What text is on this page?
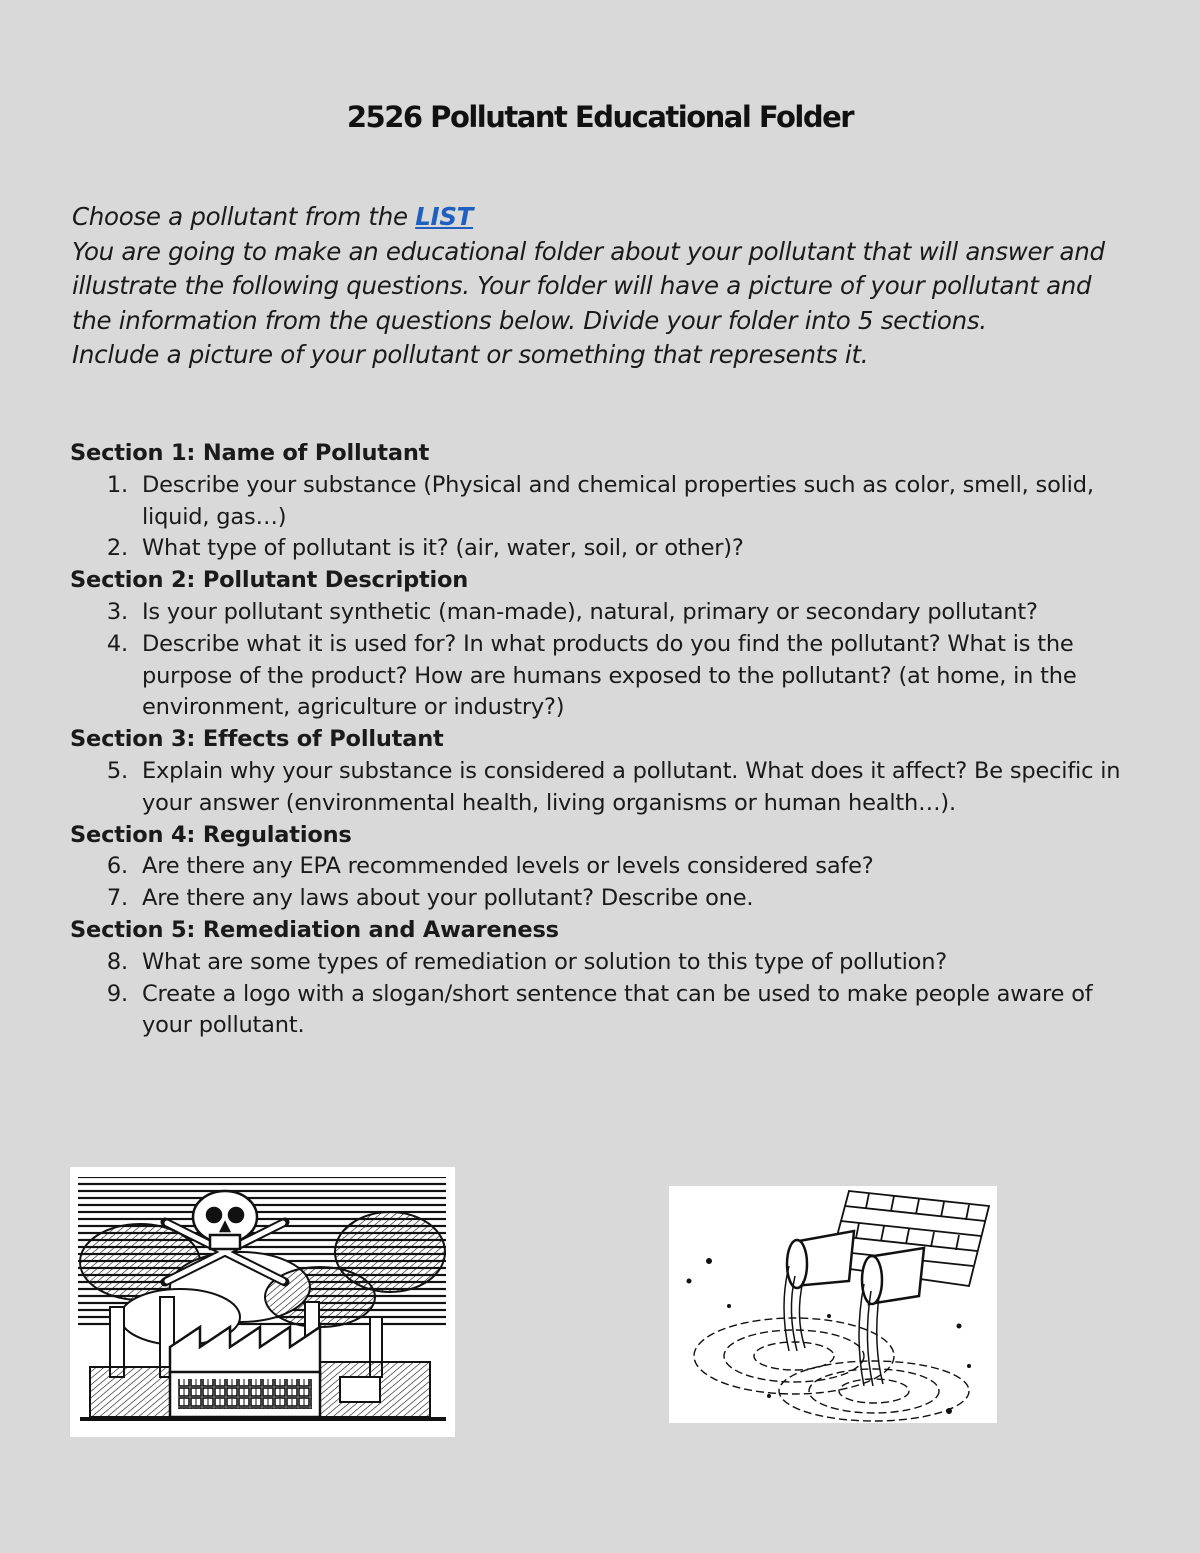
2526 Pollutant Educational Folder

Choose a pollutant from the LIST

You are going to make an educational folder about your pollutant that will answer and illustrate the following questions. Your folder will have a picture of your pollutant and the information from the questions below. Divide your folder into 5 sections.

Include a picture of your pollutant or something that represents it.

Section 1: Name of Pollutant

1. Describe your substance (Physical and chemical properties such as color, smell, solid, liquid, gas…)
2. What type of pollutant is it? (air, water, soil, or other)?

Section 2: Pollutant Description

3. Is your pollutant synthetic (man-made), natural, primary or secondary pollutant?
4. Describe what it is used for? In what products do you find the pollutant? What is the purpose of the product? How are humans exposed to the pollutant? (at home, in the environment, agriculture or industry?)

Section 3: Effects of Pollutant

5. Explain why your substance is considered a pollutant. What does it affect? Be specific in your answer (environmental health, living organisms or human health…).

Section 4: Regulations

6. Are there any EPA recommended levels or levels considered safe?
7. Are there any laws about your pollutant? Describe one.

Section 5: Remediation and Awareness

8. What are some types of remediation or solution to this type of pollution?
9. Create a logo with a slogan/short sentence that can be used to make people aware of your pollutant.
